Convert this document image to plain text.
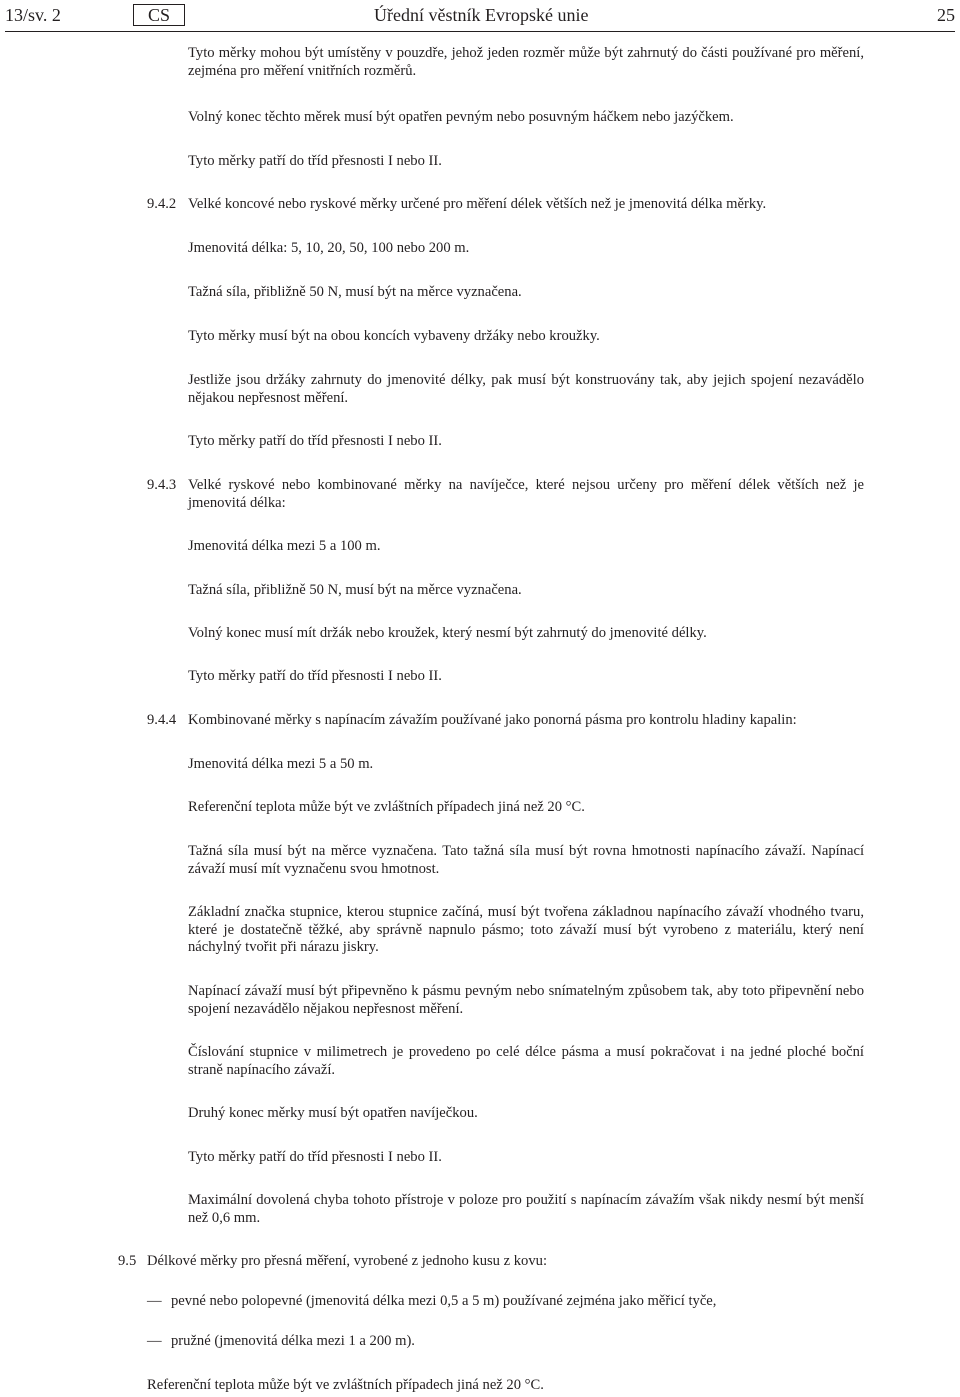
13/sv. 2	CS	Úřední věstník Evropské unie	25

Tyto měrky mohou být umístěny v pouzdře, jehož jeden rozměr může být zahrnutý do části používané pro měření, zejména pro měření vnitřních rozměrů.

Volný konec těchto měrek musí být opatřen pevným nebo posuvným háčkem nebo jazýčkem.

Tyto měrky patří do tříd přesnosti I nebo II.

9.4.2 Velké koncové nebo ryskové měrky určené pro měření délek větších než je jmenovitá délka měrky.

Jmenovitá délka: 5, 10, 20, 50, 100 nebo 200 m.

Tažná síla, přibližně 50 N, musí být na měrce vyznačena.

Tyto měrky musí být na obou koncích vybaveny držáky nebo kroužky.

Jestliže jsou držáky zahrnuty do jmenovité délky, pak musí být konstruovány tak, aby jejich spojení nezavádělo nějakou nepřesnost měření.

Tyto měrky patří do tříd přesnosti I nebo II.

9.4.3 Velké ryskové nebo kombinované měrky na navíječce, které nejsou určeny pro měření délek větších než je jmenovitá délka:

Jmenovitá délka mezi 5 a 100 m.

Tažná síla, přibližně 50 N, musí být na měrce vyznačena.

Volný konec musí mít držák nebo kroužek, který nesmí být zahrnutý do jmenovité délky.

Tyto měrky patří do tříd přesnosti I nebo II.

9.4.4 Kombinované měrky s napínacím závažím používané jako ponorná pásma pro kontrolu hladiny kapalin:

Jmenovitá délka mezi 5 a 50 m.

Referenční teplota může být ve zvláštních případech jiná než 20 °C.

Tažná síla musí být na měrce vyznačena. Tato tažná síla musí být rovna hmotnosti napínacího závaží. Napínací závaží musí mít vyznačenu svou hmotnost.

Základní značka stupnice, kterou stupnice začíná, musí být tvořena základnou napínacího závaží vhodného tvaru, které je dostatečně těžké, aby správně napnulo pásmo; toto závaží musí být vyrobeno z materiálu, který není náchylný tvořit při nárazu jiskry.

Napínací závaží musí být připevněno k pásmu pevným nebo snímatelným způsobem tak, aby toto připevnění nebo spojení nezavádělo nějakou nepřesnost měření.

Číslování stupnice v milimetrech je provedeno po celé délce pásma a musí pokračovat i na jedné ploché boční straně napínacího závaží.

Druhý konec měrky musí být opatřen navíječkou.

Tyto měrky patří do tříd přesnosti I nebo II.

Maximální dovolená chyba tohoto přístroje v poloze pro použití s napínacím závažím však nikdy nesmí být menší než 0,6 mm.

9.5 Délkové měrky pro přesná měření, vyrobené z jednoho kusu z kovu:

— pevné nebo polopevné (jmenovitá délka mezi 0,5 a 5 m) používané zejména jako měřicí tyče,

— pružné (jmenovitá délka mezi 1 a 200 m).

Referenční teplota může být ve zvláštních případech jiná než 20 °C.
